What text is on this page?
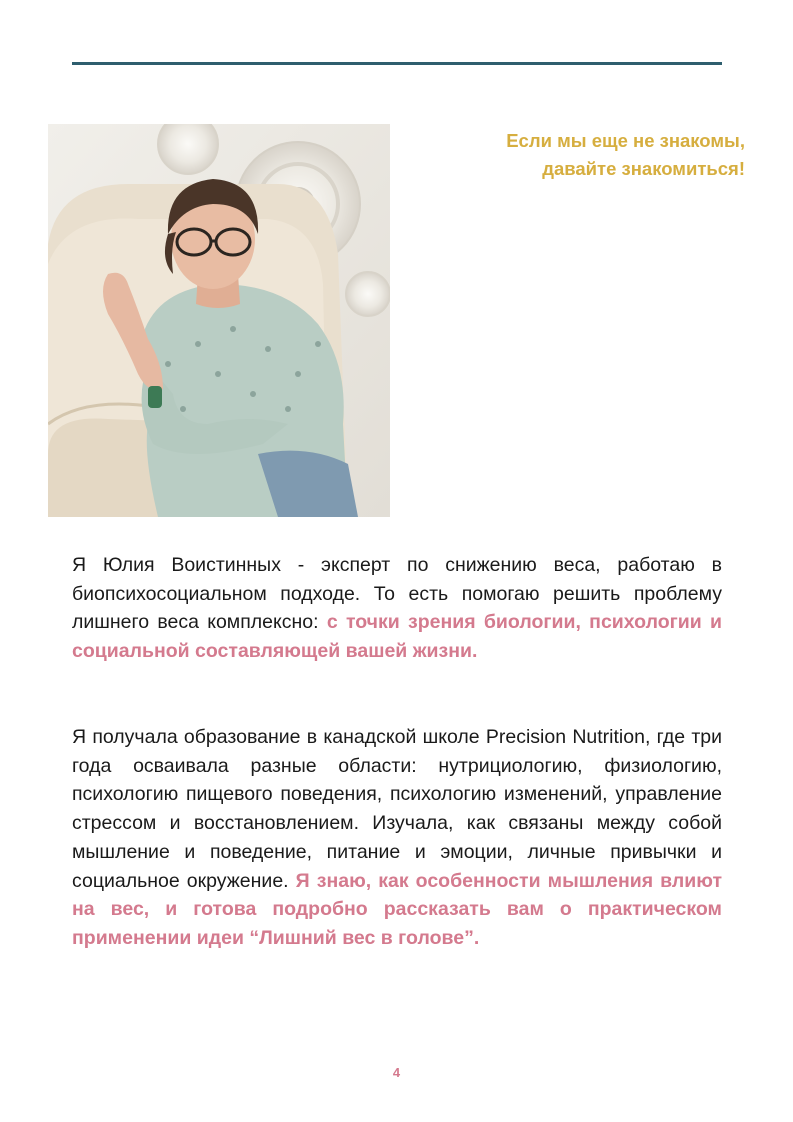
Если мы еще не знакомы,
давайте знакомиться!

Я Юлия Воистинных - эксперт по снижению веса, работаю в биопсихосоциальном подходе. То есть помогаю решить проблему лишнего веса комплексно: с точки зрения биологии, психологии и социальной составляющей вашей жизни.

Я получала образование в канадской школе Precision Nutrition, где три года осваивала разные области: нутрициологию, физиологию, психологию пищевого поведения, психологию изменений, управление стрессом и восстановлением. Изучала, как связаны между собой мышление и поведение, питание и эмоции, личные привычки и социальное окружение. Я знаю, как особенности мышления влиют на вес, и готова подробно рассказать вам о практическом применении идеи “Лишний вес в голове”.

4
